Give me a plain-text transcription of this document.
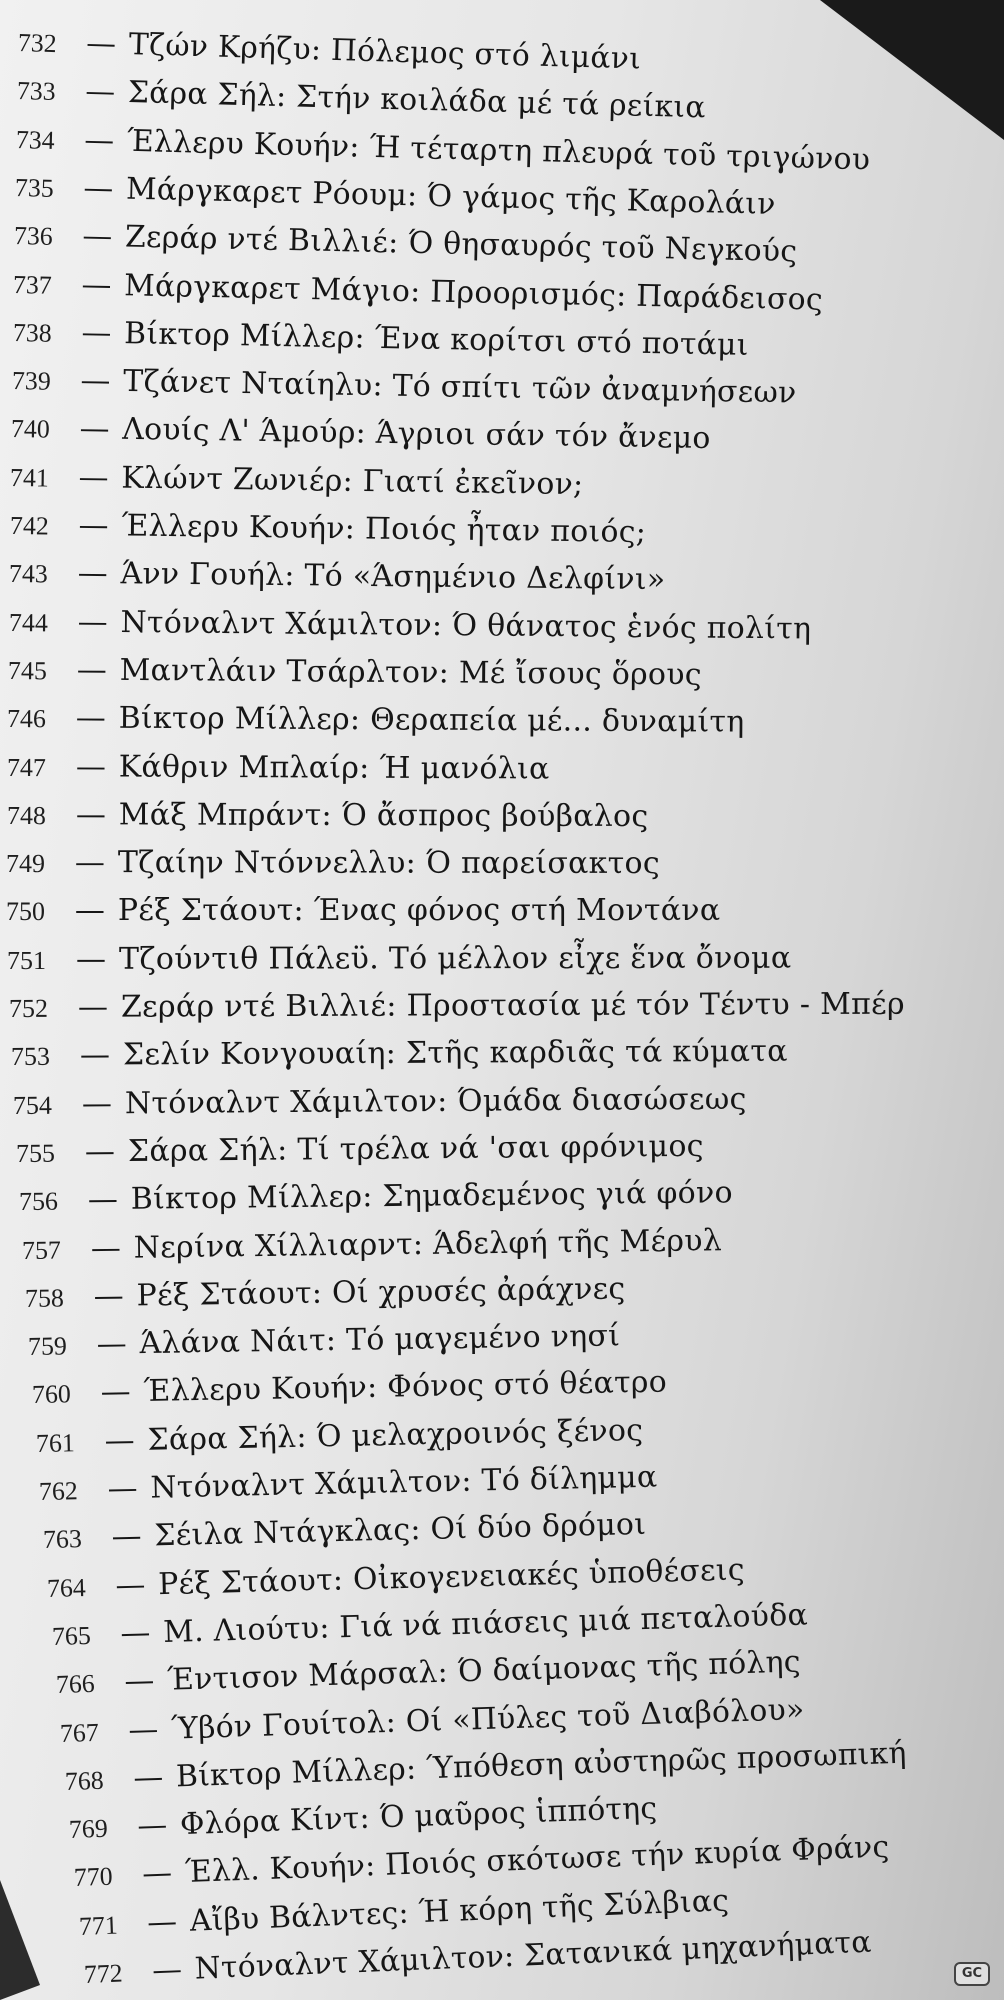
732 — Τζών Κρήζυ: Πόλεμος στό λιμάνι
733 — Σάρα Σήλ: Στήν κοιλάδα μέ τά ρείκια
734 — Έλλερυ Κουήν: Ή τέταρτη πλευρά τοῦ τριγώνου
735 — Μάργκαρετ Ρόουμ: Ό γάμος τῆς Καρολάιν
736 — Ζεράρ ντέ Βιλλιέ: Ό θησαυρός τοῦ Νεγκούς
737 — Μάργκαρετ Μάγιο: Προορισμός: Παράδεισος
738 — Βίκτορ Μίλλερ: Ένα κορίτσι στό ποτάμι
739 — Τζάνετ Νταίηλυ: Τό σπίτι τῶν ἀναμνήσεων
740 — Λουίς Λ' Άμούρ: Άγριοι σάν τόν ἄνεμο
741 — Κλώντ Ζωνιέρ: Γιατί ἐκεῖνον;
742 — Έλλερυ Κουήν: Ποιός ἦταν ποιός;
743 — Άνν Γουήλ: Τό «Άσημένιο Δελφίνι»
744 — Ντόναλντ Χάμιλτον: Ό θάνατος ἑνός πολίτη
745 — Μαντλάιν Τσάρλτον: Μέ ἴσους ὅρους
746 — Βίκτορ Μίλλερ: Θεραπεία μέ... δυναμίτη
747 — Κάθριν Μπλαίρ: Ή μανόλια
748 — Μάξ Μπράντ: Ό ἄσπρος βούβαλος
749 — Τζαίην Ντόννελλυ: Ό παρείσακτος
750 — Ρέξ Στάουτ: Ένας φόνος στή Μοντάνα
751 — Τζούντιθ Πάλεϋ. Τό μέλλον εἶχε ἕνα ὄνομα
752 — Ζεράρ ντέ Βιλλιέ: Προστασία μέ τόν Τέντυ - Μπέρ
753 — Σελίν Κονγουαίη: Στῆς καρδιᾶς τά κύματα
754 — Ντόναλντ Χάμιλτον: Όμάδα διασώσεως
755 — Σάρα Σήλ: Τί τρέλα νά 'σαι φρόνιμος
756 — Βίκτορ Μίλλερ: Σημαδεμένος γιά φόνο
757 — Νερίνα Χίλλιαρντ: Άδελφή τῆς Μέρυλ
758 — Ρέξ Στάουτ: Οί χρυσές ἀράχνες
759 — Άλάνα Νάιτ: Τό μαγεμένο νησί
760 — Έλλερυ Κουήν: Φόνος στό θέατρο
761 — Σάρα Σήλ: Ό μελαχροινός ξένος
762 — Ντόναλντ Χάμιλτον: Τό δίλημμα
763 — Σέιλα Ντάγκλας: Οί δύο δρόμοι
764 — Ρέξ Στάουτ: Οἰκογενειακές ὑποθέσεις
765 — Μ. Λιούτυ: Γιά νά πιάσεις μιά πεταλούδα
766 — Έντισον Μάρσαλ: Ό δαίμονας τῆς πόλης
767 — Ύβόν Γουίτολ: Οί «Πύλες τοῦ Διαβόλου»
768 — Βίκτορ Μίλλερ: Ύπόθεση αὐστηρῶς προσωπική
769 — Φλόρα Κίντ: Ό μαῦρος ἱππότης
770 — Έλλ. Κουήν: Ποιός σκότωσε τήν κυρία Φράνς
771 — Αἴβυ Βάλντες: Ή κόρη τῆς Σύλβιας
772 — Ντόναλντ Χάμιλτον: Σατανικά μηχανήματα	GC
